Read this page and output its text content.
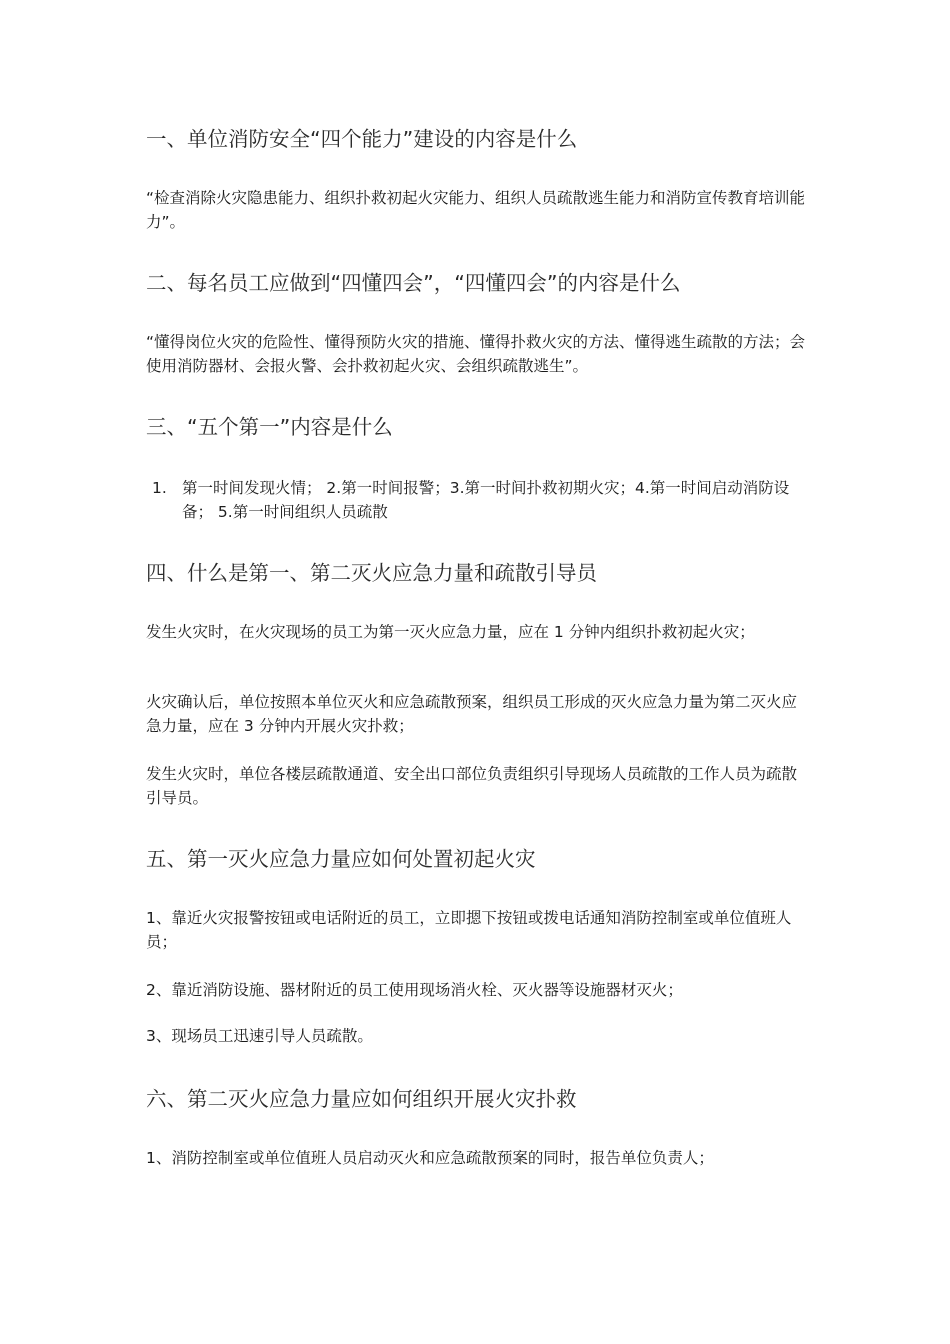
一、单位消防安全“四个能力”建设的内容是什么

“检查消除火灾隐患能力、组织扑救初起火灾能力、组织人员疏散逃生能力和消防宣传教育培训能力”。

二、每名员工应做到“四懂四会”，“四懂四会”的内容是什么

“懂得岗位火灾的危险性、懂得预防火灾的措施、懂得扑救火灾的方法、懂得逃生疏散的方法；会使用消防器材、会报火警、会扑救初起火灾、会组织疏散逃生”。

三、“五个第一”内容是什么
1. 第一时间发现火情； 2.第一时间报警；3.第一时间扑救初期火灾；4.第一时间启动消防设备； 5.第一时间组织人员疏散
四、什么是第一、第二灭火应急力量和疏散引导员

发生火灾时，在火灾现场的员工为第一灭火应急力量，应在 1 分钟内组织扑救初起火灾；

火灾确认后，单位按照本单位灭火和应急疏散预案，组织员工形成的灭火应急力量为第二灭火应急力量，应在 3 分钟内开展火灾扑救；

发生火灾时，单位各楼层疏散通道、安全出口部位负责组织引导现场人员疏散的工作人员为疏散引导员。

五、第一灭火应急力量应如何处置初起火灾

1、靠近火灾报警按钮或电话附近的员工，立即摁下按钮或拨电话通知消防控制室或单位值班人员；

2、靠近消防设施、器材附近的员工使用现场消火栓、灭火器等设施器材灭火；

3、现场员工迅速引导人员疏散。

六、第二灭火应急力量应如何组织开展火灾扑救

1、消防控制室或单位值班人员启动灭火和应急疏散预案的同时，报告单位负责人；
